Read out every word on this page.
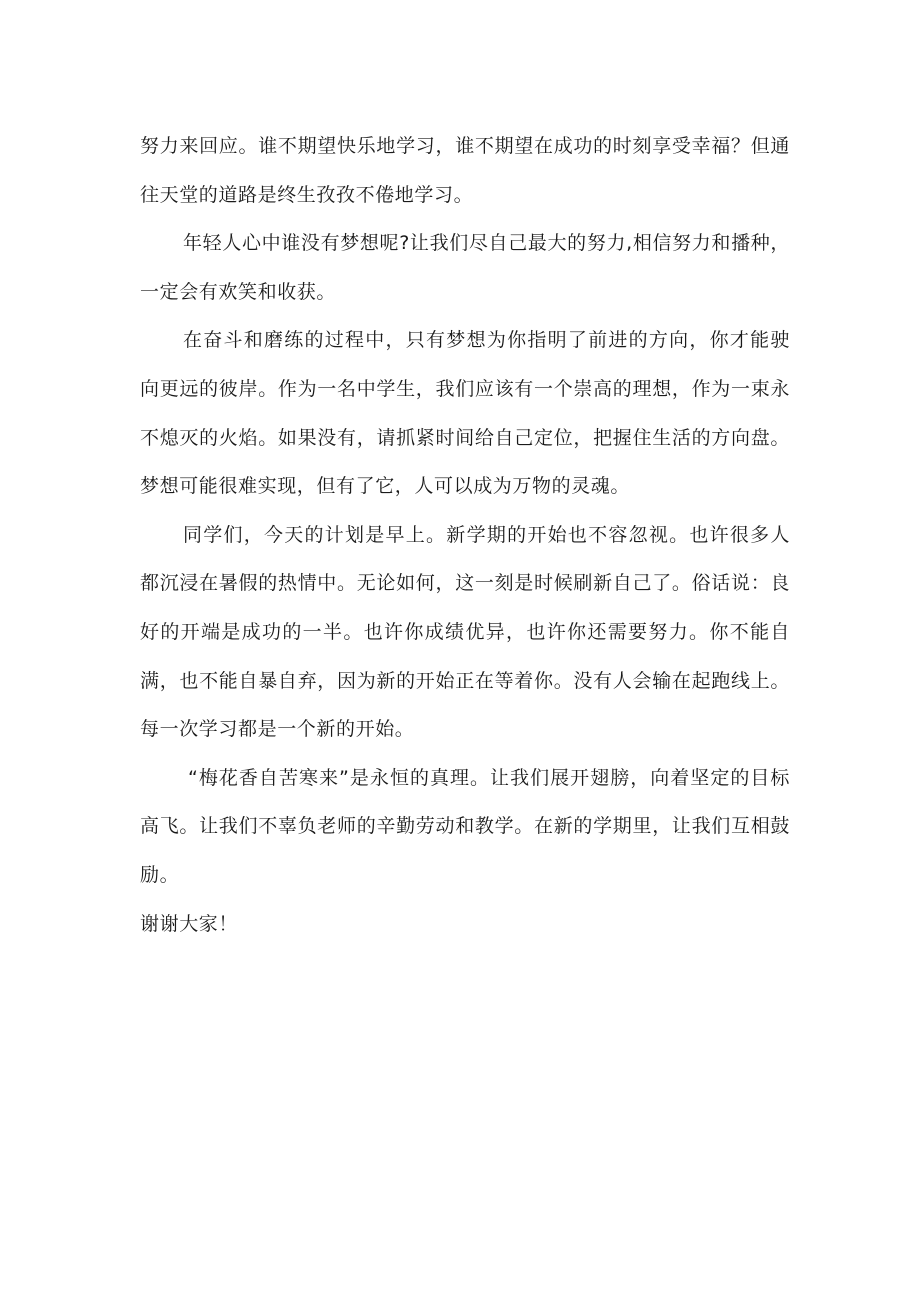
努力来回应。谁不期望快乐地学习，谁不期望在成功的时刻享受幸福？但通往天堂的道路是终生孜孜不倦地学习。

年轻人心中谁没有梦想呢?让我们尽自己最大的努力,相信努力和播种，一定会有欢笑和收获。

在奋斗和磨练的过程中，只有梦想为你指明了前进的方向，你才能驶向更远的彼岸。作为一名中学生，我们应该有一个崇高的理想，作为一束永不熄灭的火焰。如果没有，请抓紧时间给自己定位，把握住生活的方向盘。梦想可能很难实现，但有了它，人可以成为万物的灵魂。

同学们，今天的计划是早上。新学期的开始也不容忽视。也许很多人都沉浸在暑假的热情中。无论如何，这一刻是时候刷新自己了。俗话说：良好的开端是成功的一半。也许你成绩优异，也许你还需要努力。你不能自满，也不能自暴自弃，因为新的开始正在等着你。没有人会输在起跑线上。每一次学习都是一个新的开始。

“梅花香自苦寒来”是永恒的真理。让我们展开翅膀，向着坚定的目标高飞。让我们不辜负老师的辛勤劳动和教学。在新的学期里，让我们互相鼓励。

谢谢大家！
